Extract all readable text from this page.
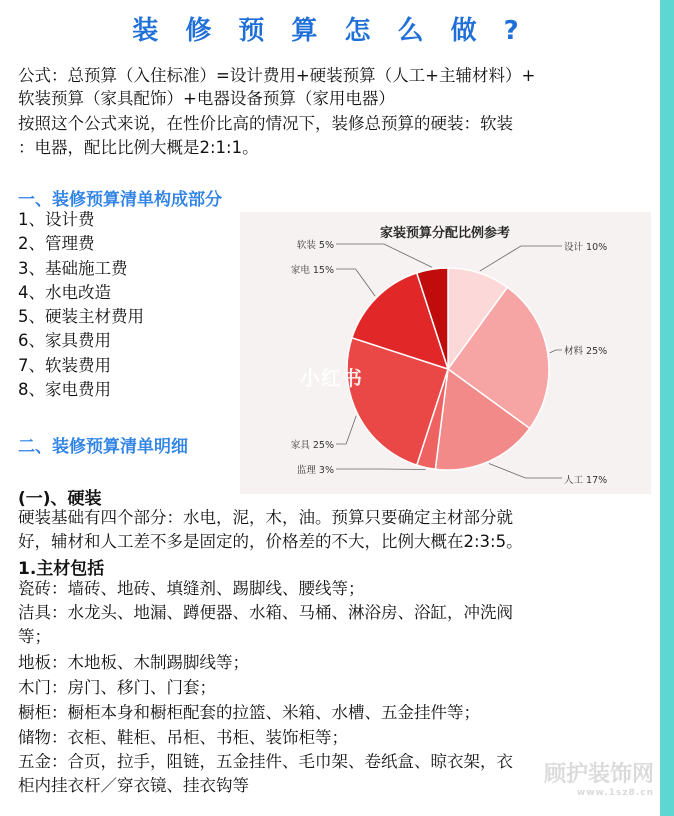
装 修 预 算 怎 么 做 ?
公式：总预算（入住标准）=设计费用+硬装预算（人工+主辅材料）+
软装预算（家具配饰）+电器设备预算（家用电器）
按照这个公式来说，在性价比高的情况下，装修总预算的硬装：软装
：电器，配比比例大概是2:1:1。
一、装修预算清单构成部分
1、设计费
2、管理费
3、基础施工费
4、水电改造
5、硬装主材费用
6、家具费用
7、软装费用
8、家电费用
二、装修预算清单明细
(一)、硬装
硬装基础有四个部分：水电，泥，木，油。预算只要确定主材部分就
好，辅材和人工差不多是固定的，价格差的不大，比例大概在2:3:5。
1.主材包括
瓷砖：墙砖、地砖、填缝剂、踢脚线、腰线等；
洁具：水龙头、地漏、蹲便器、水箱、马桶、淋浴房、浴缸，冲洗阀
等；
地板：木地板、木制踢脚线等；
木门：房门、移门、门套；
橱柜：橱柜本身和橱柜配套的拉篮、米箱、水槽、五金挂件等；
储物：衣柜、鞋柜、吊柜、书柜、装饰柜等；
五金：合页，拉手，阻链，五金挂件、毛巾架、卷纸盒、晾衣架，衣
柜内挂衣杆／穿衣镜、挂衣钩等
家装预算分配比例参考
设计 10%
材料 25%
人工 17%
监理 3%
家具 25%
家电 15%
软装 5%
小红书
顾护装饰网
www.1sz8.cn
